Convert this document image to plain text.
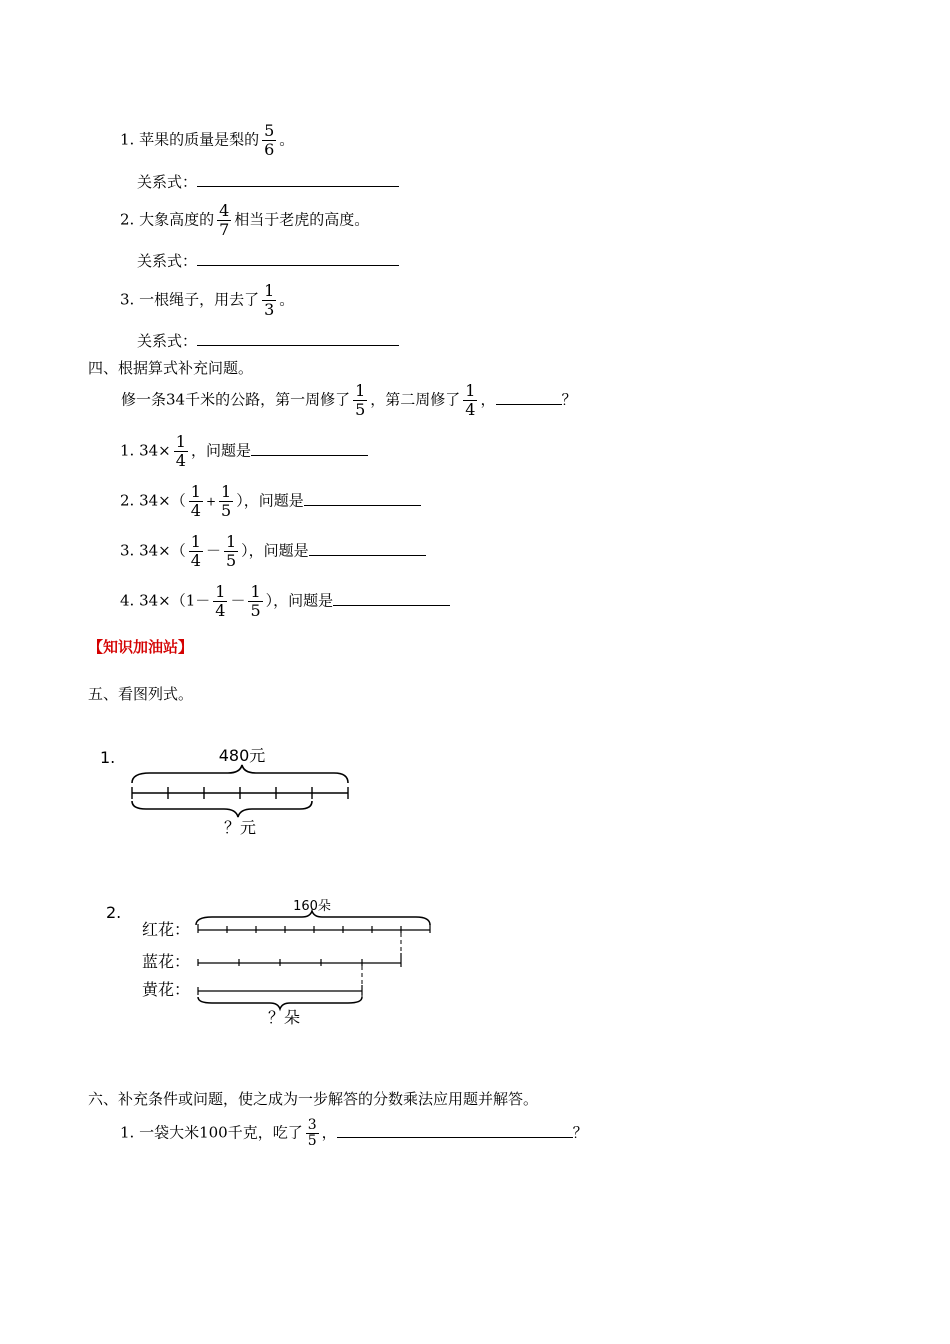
1. 苹果的质量是梨的 $\frac{5}{6}$ 。
关系式：
2. 大象高度的 $\frac{4}{7}$ 相当于老虎的高度。
关系式：
3. 一根绳子，用去了 $\frac{1}{3}$ 。
关系式：
四、根据算式补充问题。
修一条34千米的公路，第一周修了 $\frac{1}{5}$ ，第二周修了 $\frac{1}{4}$ ，	？
1. $34\times \frac{1}{4}$ ，问题是
2. $34\times( \frac{1}{4} + \frac{1}{5}$ ），问题是
3. $34\times( \frac{1}{4} - \frac{1}{5}$ ），问题是
4. $34\times(1- \frac{1}{4} - \frac{1}{5}$ ），问题是
【知识加油站】
五、看图列式。
1.	480元
？元
2.	160朵
红花：
蓝花：
黄花：
？朵
六、补充条件或问题，使之成为一步解答的分数乘法应用题并解答。
1. 一袋大米100千克，吃了 $\frac{3}{5}$ ，	？
